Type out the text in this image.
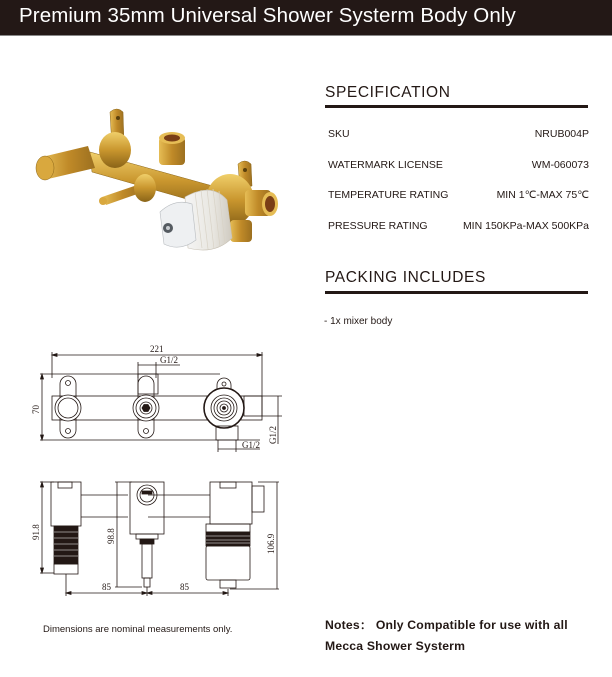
Premium 35mm Universal Shower Systerm Body Only
SPECIFICATION
SKU	NRUB004P
WATERMARK LICENSE	WM-060073
TEMPERATURE RATING	MIN 1℃-MAX 75℃
PRESSURE RATING	MIN 150KPa-MAX 500KPa
PACKING INCLUDES
- 1x mixer body
221
G1/2
70
G1/2
G1/2
91.8	98.8	106.9
85	85
Dimensions are nominal measurements only.	Notes： Only Compatible for use with all
Mecca Shower Systerm
